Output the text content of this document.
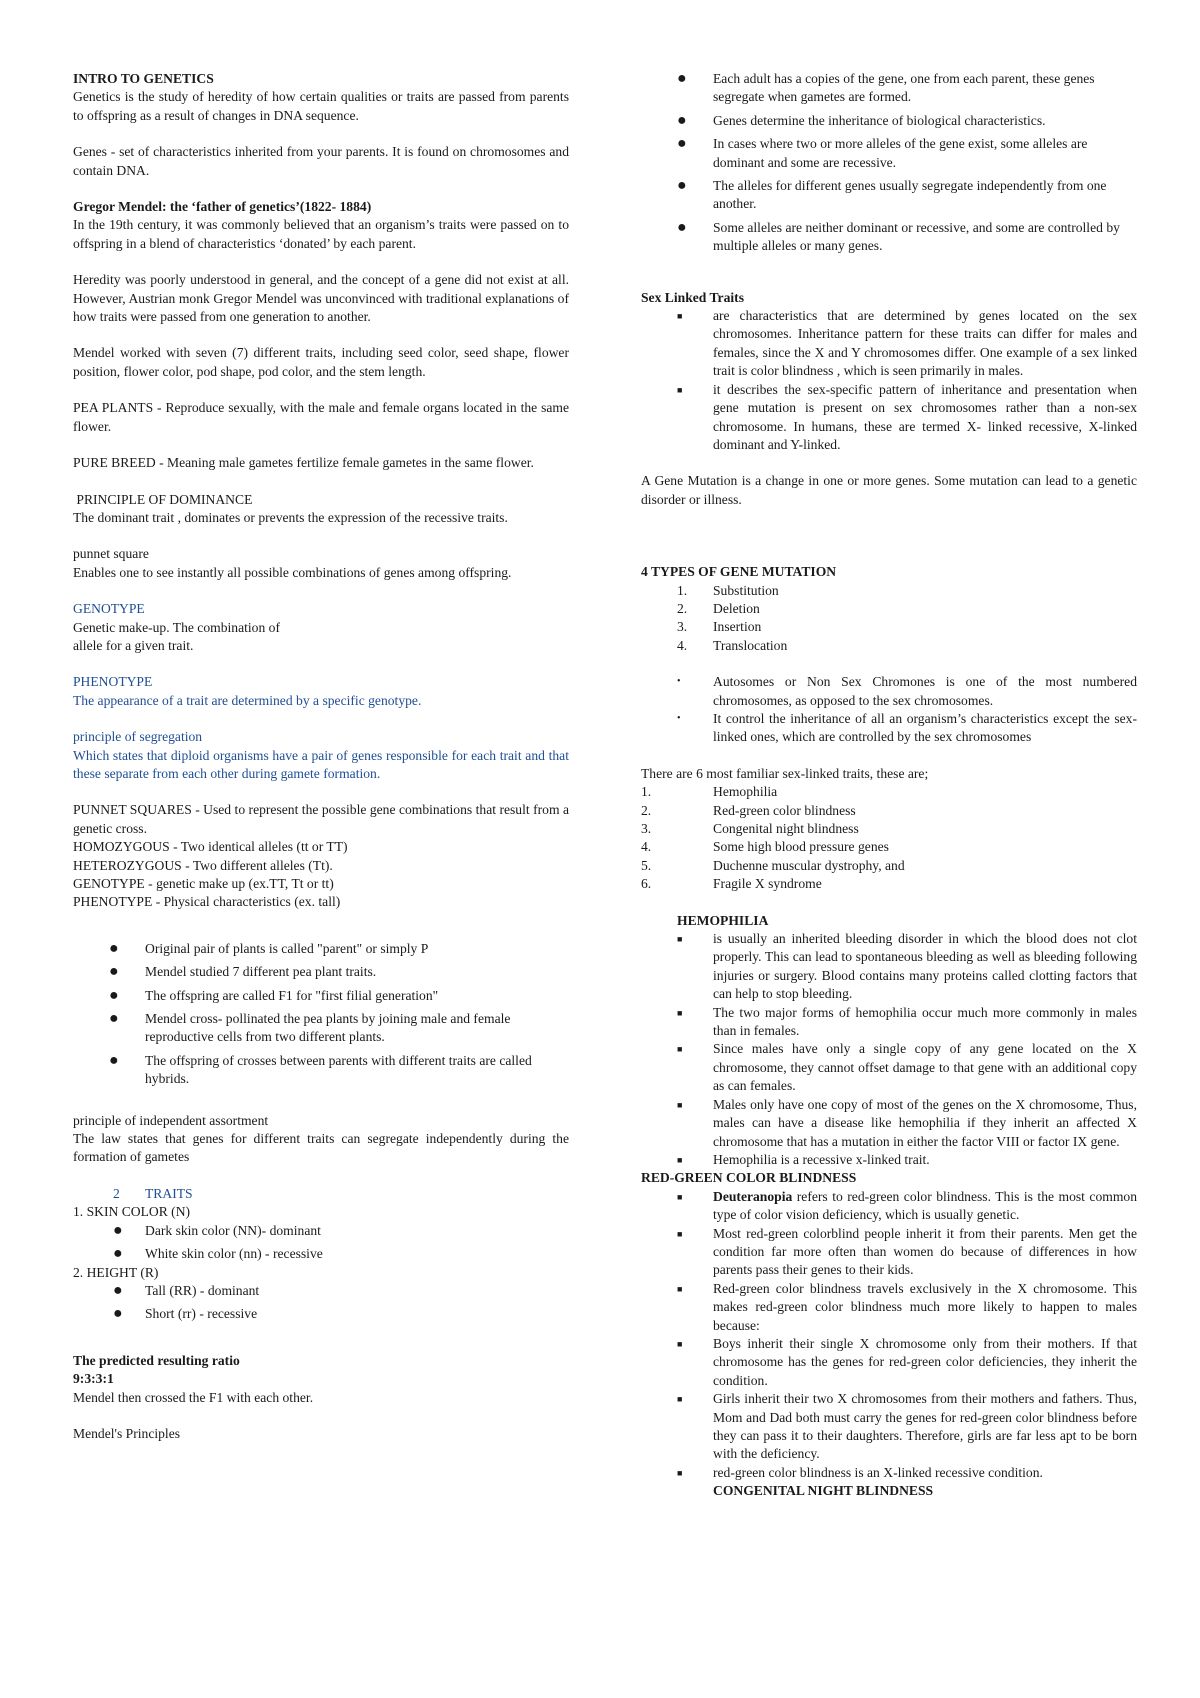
INTRO TO GENETICS

Genetics is the study of heredity of how certain qualities or traits are passed from parents to offspring as a result of changes in DNA sequence.

Genes - set of characteristics inherited from your parents. It is found on chromosomes and contain DNA.

Gregor Mendel: the ‘father of genetics’(1822- 1884)

In the 19th century, it was commonly believed that an organism’s traits were passed on to offspring in a blend of characteristics ‘donated’ by each parent.

Heredity was poorly understood in general, and the concept of a gene did not exist at all. However, Austrian monk Gregor Mendel was unconvinced with traditional explanations of how traits were passed from one generation to another.

Mendel worked with seven (7) different traits, including seed color, seed shape, flower position, flower color, pod shape, pod color, and the stem length.

PEA PLANTS - Reproduce sexually, with the male and female organs located in the same flower.

PURE BREED - Meaning male gametes fertilize female gametes in the same flower.

PRINCIPLE OF DOMINANCE

The dominant trait , dominates or prevents the expression of the recessive traits.

punnet square

Enables one to see instantly all possible combinations of genes among offspring.

GENOTYPE

Genetic make-up. The combination of

allele for a given trait.

PHENOTYPE

The appearance of a trait are determined by a specific genotype.

principle of segregation

Which states that diploid organisms have a pair of genes responsible for each trait and that these separate from each other during gamete formation.

PUNNET SQUARES - Used to represent the possible gene combinations that result from a genetic cross.

HOMOZYGOUS - Two identical alleles (tt or TT)

HETEROZYGOUS - Two different alleles (Tt).

GENOTYPE - genetic make up (ex.TT, Tt or tt)

PHENOTYPE - Physical characteristics (ex. tall)

●	Original pair of plants is called "parent" or simply P
●	Mendel studied 7 different pea plant traits.
●	The offspring are called F1 for "first filial generation"
●	Mendel cross- pollinated the pea plants by joining male and female reproductive cells from two different plants.
●	The offspring of crosses between parents with different traits are called hybrids.

principle of independent assortment

The law states that genes for different traits can segregate independently during the formation of gametes

2 TRAITS

1. SKIN COLOR (N)

● Dark skin color (NN)- dominant
● White skin color (nn) - recessive

2. HEIGHT (R)

● Tall (RR) - dominant
● Short (rr) - recessive

The predicted resulting ratio

9:3:3:1

Mendel then crossed the F1 with each other.

Mendel's Principles

●	Each adult has a copies of the gene, one from each parent, these genes segregate when gametes are formed.
●	Genes determine the inheritance of biological characteristics.
●	In cases where two or more alleles of the gene exist, some alleles are dominant and some are recessive.
●	The alleles for different genes usually segregate independently from one another.
●	Some alleles are neither dominant or recessive, and some are controlled by multiple alleles or many genes.

Sex Linked Traits

■	are characteristics that are determined by genes located on the sex chromosomes. Inheritance pattern for these traits can differ for males and females, since the X and Y chromosomes differ. One example of a sex linked trait is color blindness , which is seen primarily in males.
■	it describes the sex-specific pattern of inheritance and presentation when gene mutation is present on sex chromosomes rather than a non-sex chromosome. In humans, these are termed X- linked recessive, X-linked dominant and Y-linked.

A Gene Mutation is a change in one or more genes. Some mutation can lead to a genetic disorder or illness.

4 TYPES OF GENE MUTATION

1.	Substitution
2.	Deletion
3.	Insertion
4.	Translocation
•	Autosomes or Non Sex Chromones is one of the most numbered chromosomes, as opposed to the sex chromosomes.
•	It control the inheritance of all an organism’s characteristics except the sex-linked ones, which are controlled by the sex chromosomes

There are 6 most familiar sex-linked traits, these are;

1.	Hemophilia
2.	Red-green color blindness
3.	Congenital night blindness
4.	Some high blood pressure genes
5.	Duchenne muscular dystrophy, and
6.	Fragile X syndrome

HEMOPHILIA

■	is usually an inherited bleeding disorder in which the blood does not clot properly. This can lead to spontaneous bleeding as well as bleeding following injuries or surgery. Blood contains many proteins called clotting factors that can help to stop bleeding.
■	The two major forms of hemophilia occur much more commonly in males than in females.
■	Since males have only a single copy of any gene located on the X chromosome, they cannot offset damage to that gene with an additional copy as can females.
■	Males only have one copy of most of the genes on the X chromosome, Thus, males can have a disease like hemophilia if they inherit an affected X chromosome that has a mutation in either the factor VIII or factor IX gene.
■	Hemophilia is a recessive x-linked trait.

RED-GREEN COLOR BLINDNESS

■	Deuteranopia refers to red-green color blindness. This is the most common type of color vision deficiency, which is usually genetic.
■	Most red-green colorblind people inherit it from their parents. Men get the condition far more often than women do because of differences in how parents pass their genes to their kids.
■	Red-green color blindness travels exclusively in the X chromosome. This makes red-green color blindness much more likely to happen to males because:
■	Boys inherit their single X chromosome only from their mothers. If that chromosome has the genes for red-green color deficiencies, they inherit the condition.
■	Girls inherit their two X chromosomes from their mothers and fathers. Thus, Mom and Dad both must carry the genes for red-green color blindness before they can pass it to their daughters. Therefore, girls are far less apt to be born with the deficiency.
■	red-green color blindness is an X-linked recessive condition.

CONGENITAL NIGHT BLINDNESS
